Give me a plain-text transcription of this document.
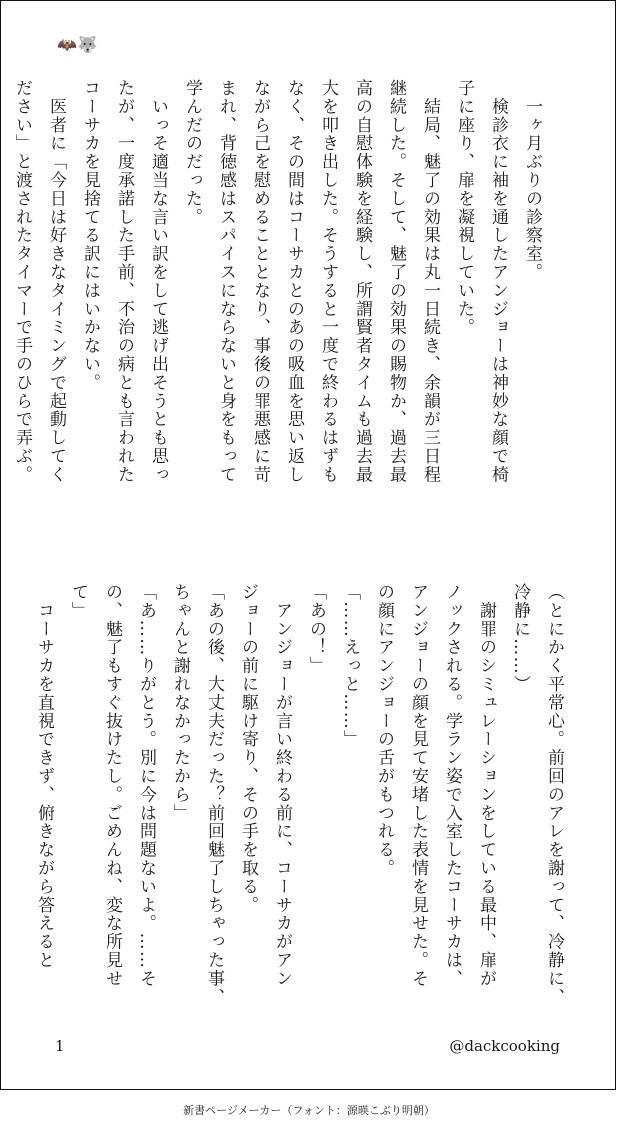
🦇🐺
　一ヶ月ぶりの診察室。
　検診衣に袖を通したアンジョーは神妙な顔で椅
子に座り、扉を凝視していた。
　結局、魅了の効果は丸一日続き、余韻が三日程
継続した。そして、魅了の効果の賜物か、過去最
高の自慰体験を経験し、所謂賢者タイムも過去最
大を叩き出した。そうすると一度で終わるはずも
なく、その間はコーサカとのあの吸血を思い返し
ながら己を慰めることとなり、事後の罪悪感に苛
まれ、背徳感はスパイスにならないと身をもって
学んだのだった。
　いっそ適当な言い訳をして逃げ出そうとも思っ
たが、一度承諾した手前、不治の病とも言われた
コーサカを見捨てる訳にはいかない。
　医者に「今日は好きなタイミングで起動してく
ださい」と渡されたタイマーで手のひらで弄ぶ。
（とにかく平常心。前回のアレを謝って、冷静に、
冷静に……）
　謝罪のシミュレーションをしている最中、扉が
ノックされる。学ラン姿で入室したコーサカは、
アンジョーの顔を見て安堵した表情を見せた。そ
の顔にアンジョーの舌がもつれる。
「……えっと……」
「あの！」
　アンジョーが言い終わる前に、コーサカがアン
ジョーの前に駆け寄り、その手を取る。
「あの後、大丈夫だった？前回魅了しちゃった事、
ちゃんと謝れなかったから」
「あ……りがとう。別に今は問題ないよ。……そ
の、魅了もすぐ抜けたし。ごめんね、変な所見せ
て」
　コーサカを直視できず、俯きながら答えると
1	@dackcooking
新書ページメーカー（フォント：源暎こぶり明朝）
